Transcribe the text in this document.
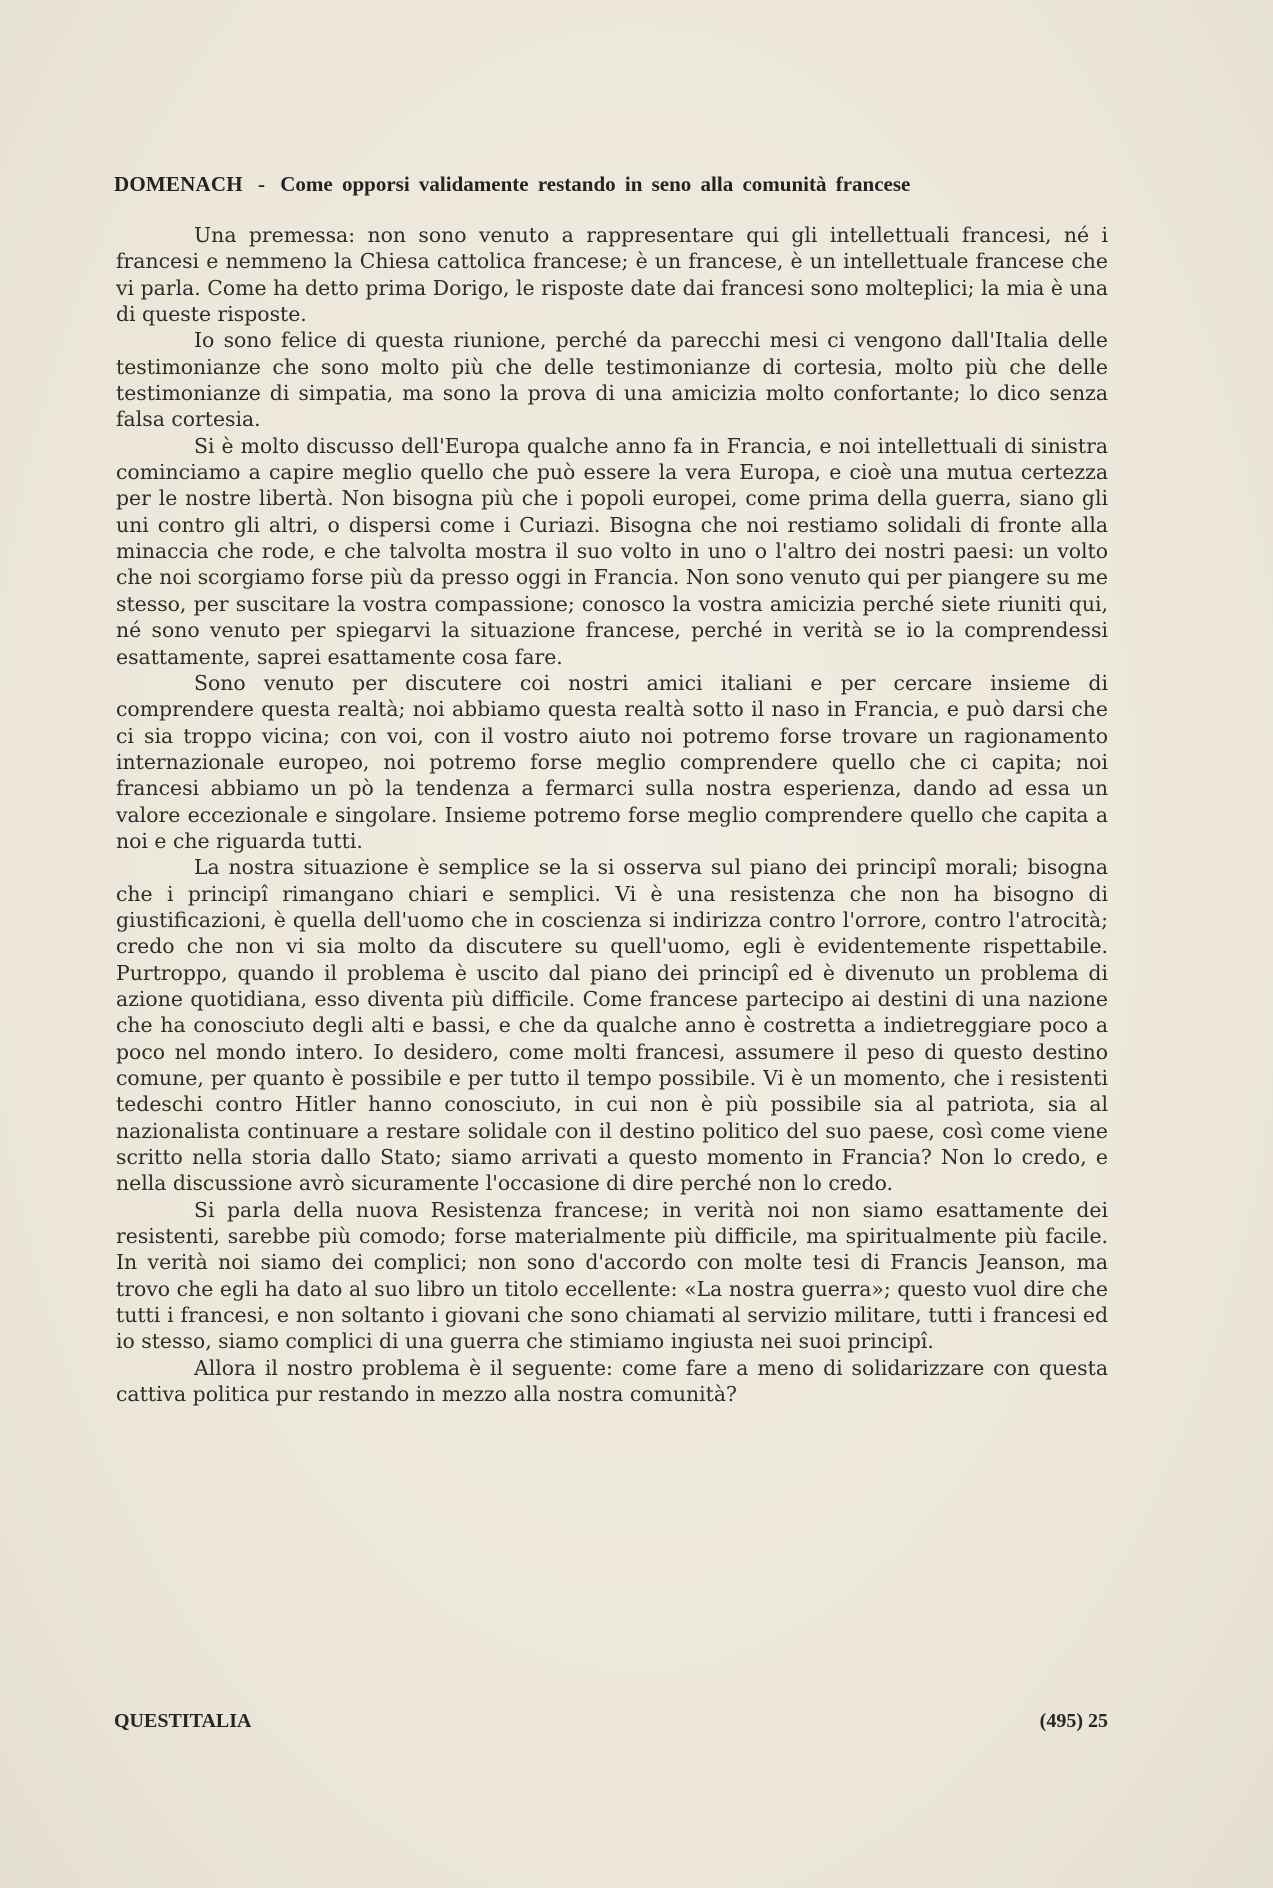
DOMENACH - Come opporsi validamente restando in seno alla comunità francese

Una premessa: non sono venuto a rappresentare qui gli intellettuali francesi, né i francesi e nemmeno la Chiesa cattolica francese; è un francese, è un intellettuale francese che vi parla. Come ha detto prima Dorigo, le risposte date dai francesi sono molteplici; la mia è una di queste risposte.

Io sono felice di questa riunione, perché da parecchi mesi ci vengono dall'Italia delle testimonianze che sono molto più che delle testimonianze di cortesia, molto più che delle testimonianze di simpatia, ma sono la prova di una amicizia molto confortante; lo dico senza falsa cortesia.

Si è molto discusso dell'Europa qualche anno fa in Francia, e noi intellettuali di sinistra cominciamo a capire meglio quello che può essere la vera Europa, e cioè una mutua certezza per le nostre libertà. Non bisogna più che i popoli europei, come prima della guerra, siano gli uni contro gli altri, o dispersi come i Curiazi. Bisogna che noi restiamo solidali di fronte alla minaccia che rode, e che talvolta mostra il suo volto in uno o l'altro dei nostri paesi: un volto che noi scorgiamo forse più da presso oggi in Francia. Non sono venuto qui per piangere su me stesso, per suscitare la vostra compassione; conosco la vostra amicizia perché siete riuniti qui, né sono venuto per spiegarvi la situazione francese, perché in verità se io la comprendessi esattamente, saprei esattamente cosa fare.

Sono venuto per discutere coi nostri amici italiani e per cercare insieme di comprendere questa realtà; noi abbiamo questa realtà sotto il naso in Francia, e può darsi che ci sia troppo vicina; con voi, con il vostro aiuto noi potremo forse trovare un ragionamento internazionale europeo, noi potremo forse meglio comprendere quello che ci capita; noi francesi abbiamo un pò la tendenza a fermarci sulla nostra esperienza, dando ad essa un valore eccezionale e singolare. Insieme potremo forse meglio comprendere quello che capita a noi e che riguarda tutti.

La nostra situazione è semplice se la si osserva sul piano dei principî morali; bisogna che i principî rimangano chiari e semplici. Vi è una resistenza che non ha bisogno di giustificazioni, è quella dell'uomo che in coscienza si indirizza contro l'orrore, contro l'atrocità; credo che non vi sia molto da discutere su quell'uomo, egli è evidentemente rispettabile. Purtroppo, quando il problema è uscito dal piano dei principî ed è divenuto un problema di azione quotidiana, esso diventa più difficile. Come francese partecipo ai destini di una nazione che ha conosciuto degli alti e bassi, e che da qualche anno è costretta a indietreggiare poco a poco nel mondo intero. Io desidero, come molti francesi, assumere il peso di questo destino comune, per quanto è possibile e per tutto il tempo possibile. Vi è un momento, che i resistenti tedeschi contro Hitler hanno conosciuto, in cui non è più possibile sia al patriota, sia al nazionalista continuare a restare solidale con il destino politico del suo paese, così come viene scritto nella storia dallo Stato; siamo arrivati a questo momento in Francia? Non lo credo, e nella discussione avrò sicuramente l'occasione di dire perché non lo credo.

Si parla della nuova Resistenza francese; in verità noi non siamo esattamente dei resistenti, sarebbe più comodo; forse materialmente più difficile, ma spiritualmente più facile. In verità noi siamo dei complici; non sono d'accordo con molte tesi di Francis Jeanson, ma trovo che egli ha dato al suo libro un titolo eccellente: «La nostra guerra»; questo vuol dire che tutti i francesi, e non soltanto i giovani che sono chiamati al servizio militare, tutti i francesi ed io stesso, siamo complici di una guerra che stimiamo ingiusta nei suoi principî.

Allora il nostro problema è il seguente: come fare a meno di solidarizzare con questa cattiva politica pur restando in mezzo alla nostra comunità?

QUESTITALIA	(495) 25
